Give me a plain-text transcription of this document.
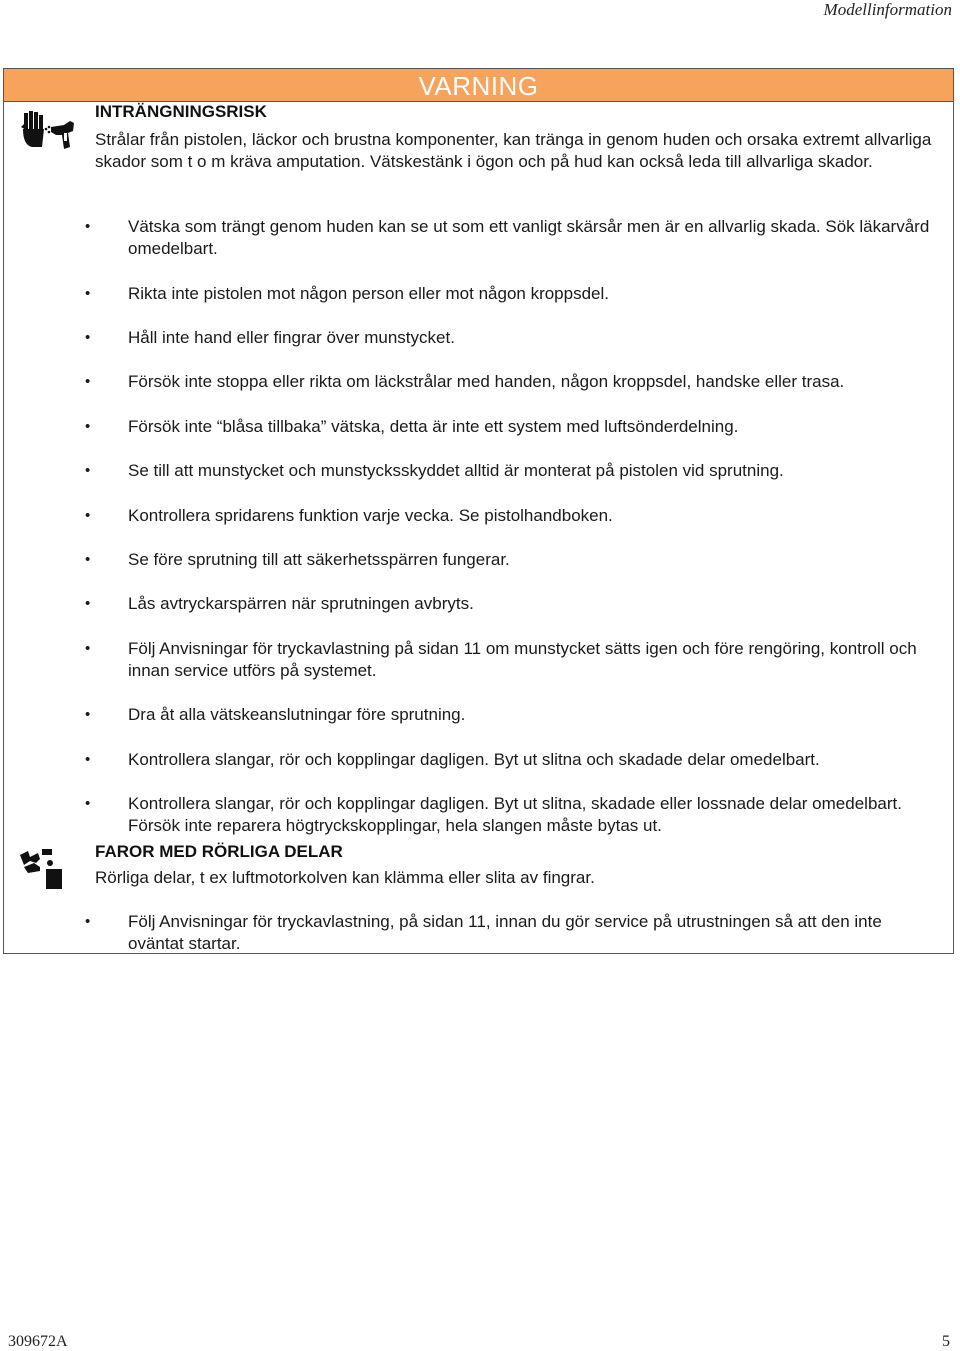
Modellinformation
VARNING
INTRÄNGNINGSRISK
Strålar från pistolen, läckor och brustna komponenter, kan tränga in genom huden och orsaka extremt allvarliga skador som t o m kräva amputation. Vätskestänk i ögon och på hud kan också leda till allvarliga skador.
• Vätska som trängt genom huden kan se ut som ett vanligt skärsår men är en allvarlig skada. Sök läkarvård omedelbart.
• Rikta inte pistolen mot någon person eller mot någon kroppsdel.
• Håll inte hand eller fingrar över munstycket.
• Försök inte stoppa eller rikta om läckstrålar med handen, någon kroppsdel, handske eller trasa.
• Försök inte “blåsa tillbaka” vätska, detta är inte ett system med luftsönderdelning.
• Se till att munstycket och munstycksskyddet alltid är monterat på pistolen vid sprutning.
• Kontrollera spridarens funktion varje vecka. Se pistolhandboken.
• Se före sprutning till att säkerhetsspärren fungerar.
• Lås avtryckarspärren när sprutningen avbryts.
• Följ Anvisningar för tryckavlastning på sidan 11 om munstycket sätts igen och före rengöring, kontroll och innan service utförs på systemet.
• Dra åt alla vätskeanslutningar före sprutning.
• Kontrollera slangar, rör och kopplingar dagligen. Byt ut slitna och skadade delar omedelbart.
• Kontrollera slangar, rör och kopplingar dagligen. Byt ut slitna, skadade eller lossnade delar omedelbart. Försök inte reparera högtryckskopplingar, hela slangen måste bytas ut.
FAROR MED RÖRLIGA DELAR
Rörliga delar, t ex luftmotorkolven kan klämma eller slita av fingrar.
• Följ Anvisningar för tryckavlastning, på sidan 11, innan du gör service på utrustningen så att den inte oväntat startar.
309672A	5
